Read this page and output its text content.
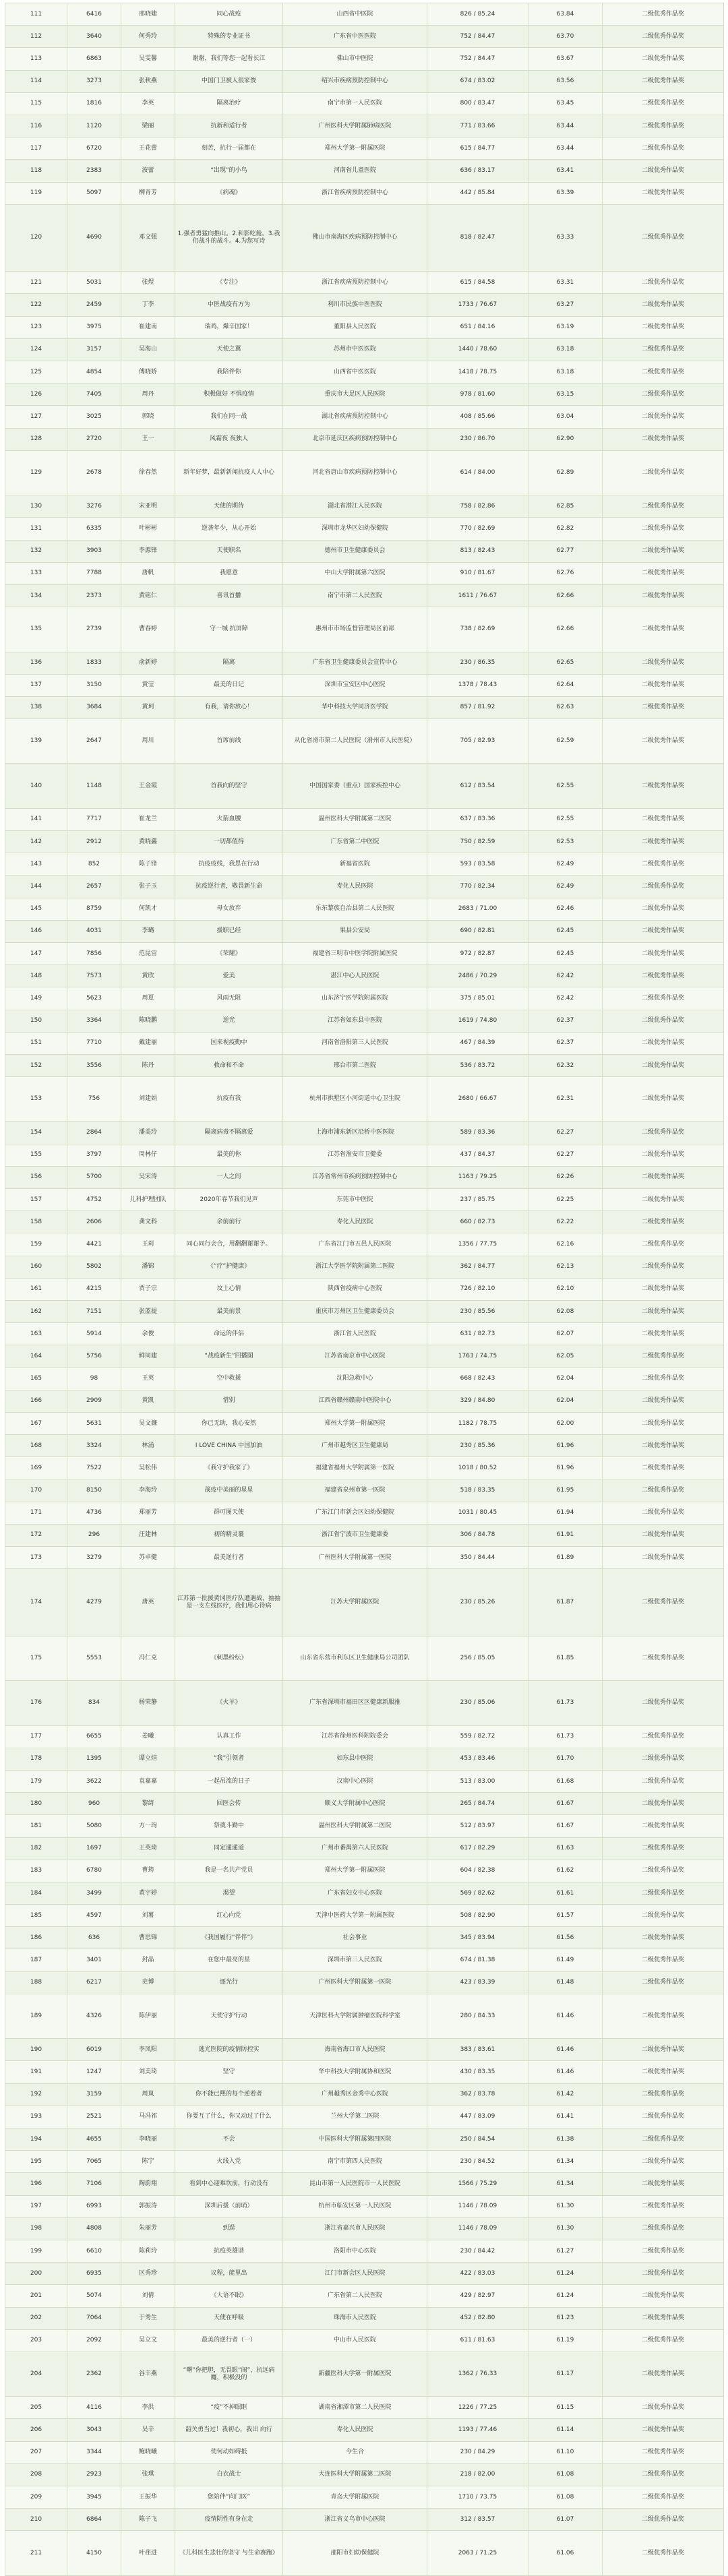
111	6416	邢晓婕	同心战疫	山西省中医院	826 / 85.24	63.84	二级优秀作品奖
112	3640	何秀玲	特殊的专业证书	广东省中医医院	752 / 84.47	63.70	二级优秀作品奖
113	6863	吴雯馨	谢谢，我们等您一起看长江	佛山市中医院	752 / 84.47	63.67	二级优秀作品奖
114	3273	张秋燕	中国门卫被人很家俊	绍兴市疾病预防控制中心	674 / 83.02	63.56	二级优秀作品奖
115	1816	李英	隔离治疗	南宁市第一人民医院	800 / 83.47	63.45	二级优秀作品奖
116	1120	梁丽	抗新和适行者	广州医科大学附属肺病医院	771 / 83.66	63.44	二级优秀作品奖
117	6720	王花蕾	刻苦，抗行一届都在	郑州大学第一附属医院	615 / 84.77	63.44	二级优秀作品奖
118	2383	波蕾	“出现”的小鸟	河南省儿童医院	636 / 83.17	63.41	二级优秀作品奖
119	5097	柳青芳	《病魂》	浙江省疾病预防控制中心	442 / 85.84	63.39	二级优秀作品奖
120	4690	邓文强	1.强者勇猛向推山。2.和影吃舱。3.我们战斗的战斗。4.为您写诗	佛山市南海区疾病预防控制中心	818 / 82.47	63.33	二级优秀作品奖
121	5031	张煜	《专注》	浙江省疾病预防控制中心	615 / 84.58	63.31	二级优秀作品奖
122	2459	丁李	中医战疫有方为	利川市民族中医医院	1733 / 76.67	63.27	二级优秀作品奖
123	3975	崔建南	瑞鸡，爆辛国家！	董阳县人民医院	651 / 84.16	63.19	二级优秀作品奖
124	3157	吴海山	天使之翼	苏州市中医医院	1440 / 78.60	63.18	二级优秀作品奖
125	4854	傅晓娇	我陪伴你	山西省中医医院	1418 / 78.75	63.18	二级优秀作品奖
126	7405	周丹	积极做好 不惧疫情	重庆市大足区人民医院	978 / 81.60	63.15	二级优秀作品奖
127	3025	郭晓	我们在同一战	湖北省疾病预防控制中心	408 / 85.66	63.04	二级优秀作品奖
128	2720	王一	风霜夜 夜独人	北京市延庆区疾病预防控制中心	230 / 86.70	62.90	二级优秀作品奖
129	2678	徐春然	新年好梦，最新新闻抗疫人人中心	河北省唐山市疾病预防控制中心	614 / 84.00	62.89	二级优秀作品奖
130	3276	宋亚明	天使的期待	湖北省潜江人民医院	758 / 82.86	62.85	二级优秀作品奖
131	6335	叶彬彬	逆袭年少，从心开始	深圳市龙华区妇幼保健院	770 / 82.69	62.82	二级优秀作品奖
132	3903	李源锋	天使职名	德州市卫生健康委员会	813 / 82.43	62.77	二级优秀作品奖
133	7788	唐帆	我愿意	中山大学附属第六医院	910 / 81.67	62.76	二级优秀作品奖
134	2373	黄铭仁	喜讯首播	南宁市第二人民医院	1611 / 76.67	62.66	二级优秀作品奖
135	2739	曹春婷	守一城 抗屏障	惠州市市场监督管理局区前部	738 / 82.69	62.66	二级优秀作品奖
136	1833	俞新婷	隔离	广东省卫生健康委员会宣传中心	230 / 86.35	62.65	二级优秀作品奖
137	3150	黄莹	最美的日记	深圳市宝安区中心医院	1378 / 78.43	62.64	二级优秀作品奖
138	3684	黄珂	有我，请你放心！	华中科技大学同济医学院	857 / 81.92	62.63	二级优秀作品奖
139	2647	周川	首席前线	从化省滑市第二人民医院（滑州市人民医院）	705 / 82.93	62.59	二级优秀作品奖
140	1148	王金霞	首我向的坚守	中国国家委（重点）国家疾控中心	612 / 83.54	62.55	二级优秀作品奖
141	7717	崔龙兰	火箭血腰	温州医科大学附属第二医院	637 / 83.36	62.55	二级优秀作品奖
142	2912	黄晓鑫	一切都值得	广东省第二中医院	750 / 82.59	62.53	二级优秀作品奖
143	852	陈子锋	抗疫疫线，我思在行动	新福省医院	593 / 83.58	62.49	二级优秀作品奖
144	2657	张子玉	抗疫逆行者，敬畏新生命	寿化人民医院	770 / 82.34	62.49	二级优秀作品奖
145	8759	何凯才	母女放弃	乐东黎族自治县第二人民医院	2683 / 71.00	62.46	二级优秀作品奖
146	4031	李璐	援职已经	果县公安局	690 / 82.81	62.45	二级优秀作品奖
147	7856	范昆宙	《荣耀》	福建省三明市中医学院附属医院	972 / 82.87	62.45	二级优秀作品奖
148	7573	黄欣	爱美	湛江中心人民医院	2486 / 70.29	62.42	二级优秀作品奖
149	5623	周夏	风雨无阻	山东济宁医学院附属医院	375 / 85.01	62.42	二级优秀作品奖
150	3364	陈晓鹏	逆光	江苏省如东县中医院	1619 / 74.80	62.37	二级优秀作品奖
151	7710	戴建丽	国来视疫勤中	河南省洛阳第三人民医院	467 / 84.39	62.37	二级优秀作品奖
152	3556	陈丹	救命和不命	邢台市第二医院	536 / 83.72	62.32	二级优秀作品奖
153	756	刘建娟	抗疫有我	杭州市拱墅区小河街道中心卫生院	2680 / 66.67	62.31	二级优秀作品奖
154	2864	潘美玲	隔离病毒不隔离爱	上海市浦东新区沿桥中医医院	589 / 83.36	62.27	二级优秀作品奖
155	3797	周林仔	最美的你	江苏省淮安市卫健委	437 / 84.37	62.27	二级优秀作品奖
156	5700	吴宋涛	一人之间	江苏省常州市疾病预防控制中心	1163 / 79.25	62.26	二级优秀作品奖
157	4752	儿科护理团队	2020年春节我们见声	东莞市中医院	237 / 85.75	62.25	二级优秀作品奖
158	2606	龚文科	余前前行	寿化人民医院	660 / 82.73	62.22	二级优秀作品奖
159	4421	王莉	同心同行会合，用翻翻谢谢予。	广东省江门市五邑人民医院	1356 / 77.75	62.16	二级优秀作品奖
160	5802	潘锦	《“疗”护健康》	浙江大学医学院附属第二医院	362 / 84.77	62.13	二级优秀作品奖
161	4215	贾子宗	坟土心情	陕西省疫病中心医院	726 / 82.10	62.10	二级优秀作品奖
162	7151	张蓝提	最美前景	重庆市万州区卫生健康委员会	230 / 85.56	62.08	二级优秀作品奖
163	5914	余俊	命运的伴侣	浙江省人民医院	631 / 82.73	62.07	二级优秀作品奖
164	5756	鲜同建	“战疫新生”回播图	江苏省南京市中心医院	1763 / 74.75	62.05	二级优秀作品奖
165	98	王英	空中救援	沈阳急救中心	668 / 82.43	62.04	二级优秀作品奖
166	2909	黄凯	惜别	江西省赣州赣南中医院中心	329 / 84.80	62.04	二级优秀作品奖
167	5631	吴文濂	你已无助，我心安然	郑州大学第一附属医院	1182 / 78.75	62.00	二级优秀作品奖
168	3324	林涌	I LOVE CHINA 中国加油	广州市越秀区卫生健康局	230 / 85.36	61.96	二级优秀作品奖
169	7522	吴松伟	《我守护我家了》	福建省福州大学附属第一医院	1018 / 80.52	61.96	二级优秀作品奖
170	8150	李海玲	战疫中美丽的星星	福建省泉州市第一医院	518 / 83.35	61.95	二级优秀作品奖
171	4736	郑丽芳	群可图天使	广东江门市新会区妇幼保健院	1031 / 80.45	61.94	二级优秀作品奖
172	296	汪建林	初的精灵裹	浙江省宁波市卫生健康委	306 / 84.78	61.91	二级优秀作品奖
173	3279	苏卓健	最美逆行者	广州医科大学附属第一医院	350 / 84.44	61.89	二级优秀作品奖
174	4279	唐英	江苏第一批援黄冈医疗队遭遇战，抽抽是一支左线医疗，我们用心待病	江苏大学附属医院	230 / 85.26	61.87	二级优秀作品奖
175	5553	冯仁克	《刺墨纷纭》	山东省东营市利东区卫生健康局公司团队	256 / 85.05	61.85	二级优秀作品奖
176	834	杨荣静	《火羊》	广东省深圳市福田区区健康新服推	230 / 85.06	61.73	二级优秀作品奖
177	6655	姜曦	认真工作	江苏省徐州医科附院委会	559 / 82.72	61.73	二级优秀作品奖
178	1395	谭立煊	“我”引领者	如东县中医院	453 / 83.46	61.70	二级优秀作品奖
179	3622	袁嘉嘉	一起吊流的日子	汉南中心医院	513 / 83.00	61.68	二级优秀作品奖
180	960	黎绮	回医会传	顺义大学附属中心医院	265 / 84.74	61.67	二级优秀作品奖
181	5080	方一珣	祭奠斗勤中	温州医科大学附属第二医院	512 / 83.97	61.67	二级优秀作品奖
182	1697	王英琦	同定通通道	广州市番禺第六人民医院	617 / 82.29	61.63	二级优秀作品奖
183	6780	曹筠	我是一名共产党员	郑州大学第一附属医院	604 / 82.38	61.62	二级优秀作品奖
184	3499	黄宇婷	渴望	广东省妇女中心医院	569 / 82.62	61.61	二级优秀作品奖
185	4597	刘薯	红心向党	天津中医药大学第一附属医院	508 / 82.90	61.57	二级优秀作品奖
186	636	曹思锦	《我国履行“伴伴”》	社会事业	345 / 83.94	61.56	二级优秀作品奖
187	3401	封晶	在您中最亮的星	深圳市第三人民医院	674 / 81.38	61.49	二级优秀作品奖
188	6217	史博	逐光行	广州医科大学附属第一医院	423 / 83.39	61.48	二级优秀作品奖
189	4326	陈伊丽	天使守护行动	天津医科大学附属肿瘤医院科学室	280 / 84.33	61.46	二级优秀作品奖
190	6019	李凤阳	逃光医院的疫情防控实	海南省海口市人民医院	383 / 83.61	61.46	二级优秀作品奖
191	1247	刘美琦	坚守	华中科技大学附属协和医院	430 / 83.35	61.46	二级优秀作品奖
192	3159	周岚	你不能已熙的每个逆着者	广州越秀区金秀中心医院	362 / 83.78	61.42	二级优秀作品奖
193	2521	马冯祁	你要互了什么，你又动过了什么	兰州大学第二医院	447 / 83.09	61.41	二级优秀作品奖
194	4655	李晓丽	不会	中国医科大学附属第四医院	250 / 84.54	61.38	二级优秀作品奖
195	7065	陈宁	火线入党	南宁市第四人民医院	230 / 84.52	61.34	二级优秀作品奖
196	7106	陶蔚翔	看到中心迎难坎前，行动没有	昆山市第一人民医院市一人民医院	1566 / 75.29	61.34	二级优秀作品奖
197	6993	郭振涛	深圳后援（前哨）	杭州市临安区第一人民医院	1146 / 78.09	61.30	二级优秀作品奖
198	4808	朱丽芳	到逞	浙江省嘉兴市人民医院	1146 / 78.09	61.30	二级优秀作品奖
199	6610	陈莉玲	抗疫英雄谱	洛阳市中心医院	230 / 84.42	61.27	二级优秀作品奖
200	6935	区秀珍	议程，能里出	江门市新会区人民医院	422 / 83.03	61.24	二级优秀作品奖
201	5074	刘倩	《大语不眠》	广东省第二人民医院	429 / 82.97	61.24	二级优秀作品奖
202	7064	于秀生	天使在呼吸	珠海市人民医院	452 / 82.80	61.23	二级优秀作品奖
203	2092	吴立文	最美的逆行者（一）	中山市人民医院	611 / 81.63	61.19	二级优秀作品奖
204	2362	谷丰燕	“曙”你把胆，无畏眼“闹”，抗远病魔，积极没的	新疆医科大学第一附属医院	1362 / 76.33	61.17	二级优秀作品奖
205	4116	李洪	“疫”不掉眼眶	湖南省湘潭市第二人民医院	1226 / 77.25	61.15	二级优秀作品奖
206	3043	吴辛	韶关勇当过！我初心，我出 向行	寿化人民医院	1193 / 77.46	61.14	二级优秀作品奖
207	3344	鲍晓曦	使何动如碍抵	今生合	230 / 84.29	61.10	二级优秀作品奖
208	2923	张琪	白衣战士	大连医科大学附属第二医院	218 / 82.00	61.08	二级优秀作品奖
209	3945	王振华	您陪伴“向门医”	青岛大学附属医院	1710 / 73.75	61.08	二级优秀作品奖
210	6864	陈子飞	疫情阴性有身在走	浙江省义乌市中心医院	312 / 83.57	61.07	二级优秀作品奖
211	4150	叶荏进	《儿科医生悲壮的坚守 与生命赛跑》	邵阳市妇幼保健院	2063 / 71.25	61.06	二级优秀作品奖
